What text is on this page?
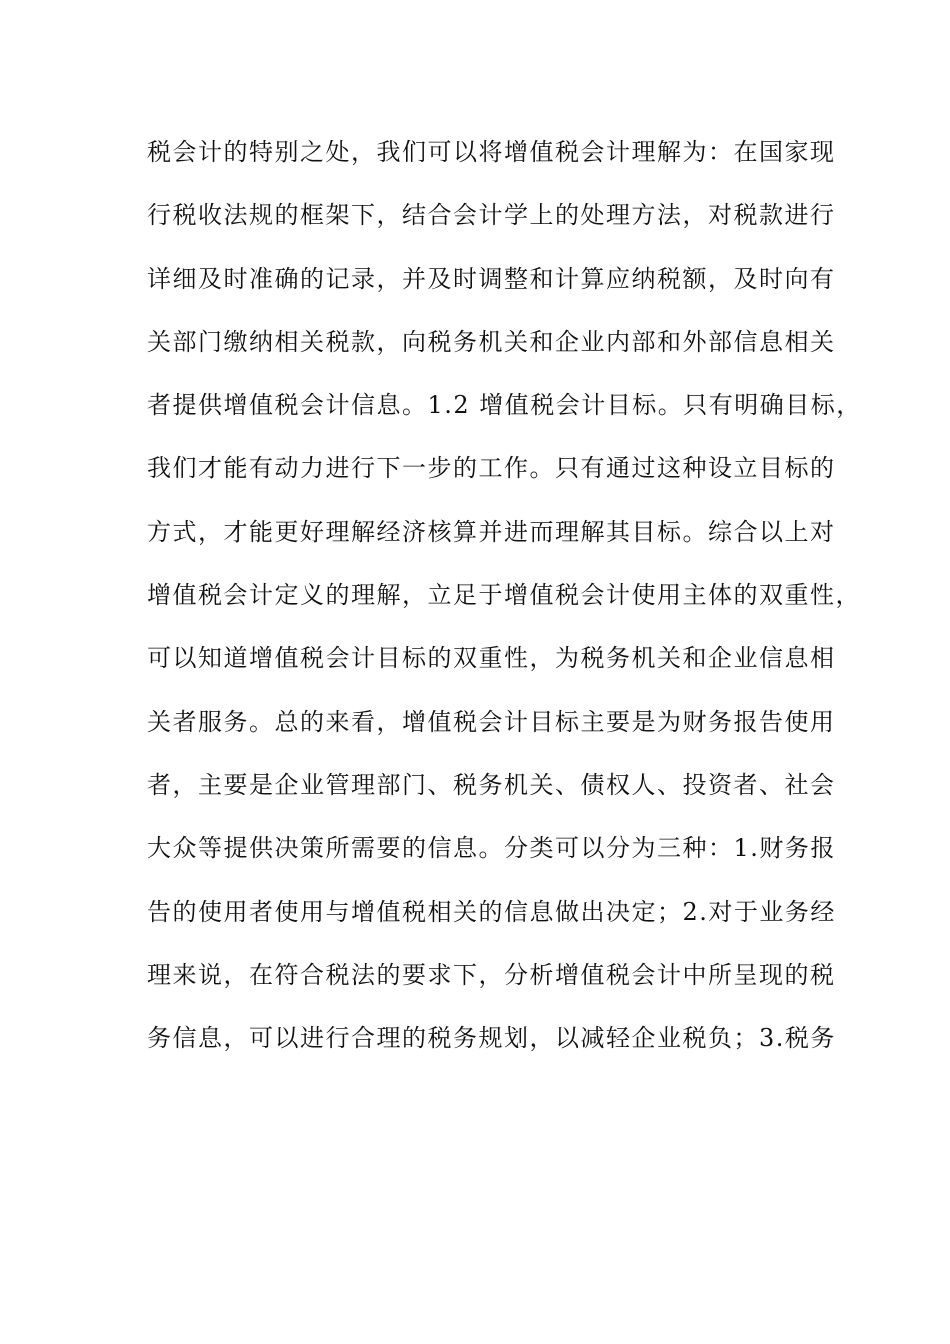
税会计的特别之处，我们可以将增值税会计理解为：在国家现
行税收法规的框架下，结合会计学上的处理方法，对税款进行
详细及时准确的记录，并及时调整和计算应纳税额，及时向有
关部门缴纳相关税款，向税务机关和企业内部和外部信息相关
者提供增值税会计信息。1.2 增值税会计目标。只有明确目标，
我们才能有动力进行下一步的工作。只有通过这种设立目标的
方式，才能更好理解经济核算并进而理解其目标。综合以上对
增值税会计定义的理解，立足于增值税会计使用主体的双重性，
可以知道增值税会计目标的双重性，为税务机关和企业信息相
关者服务。总的来看，增值税会计目标主要是为财务报告使用
者，主要是企业管理部门、税务机关、债权人、投资者、社会
大众等提供决策所需要的信息。分类可以分为三种：1.财务报
告的使用者使用与增值税相关的信息做出决定；2.对于业务经
理来说，在符合税法的要求下，分析增值税会计中所呈现的税
务信息，可以进行合理的税务规划，以减轻企业税负；3.税务
